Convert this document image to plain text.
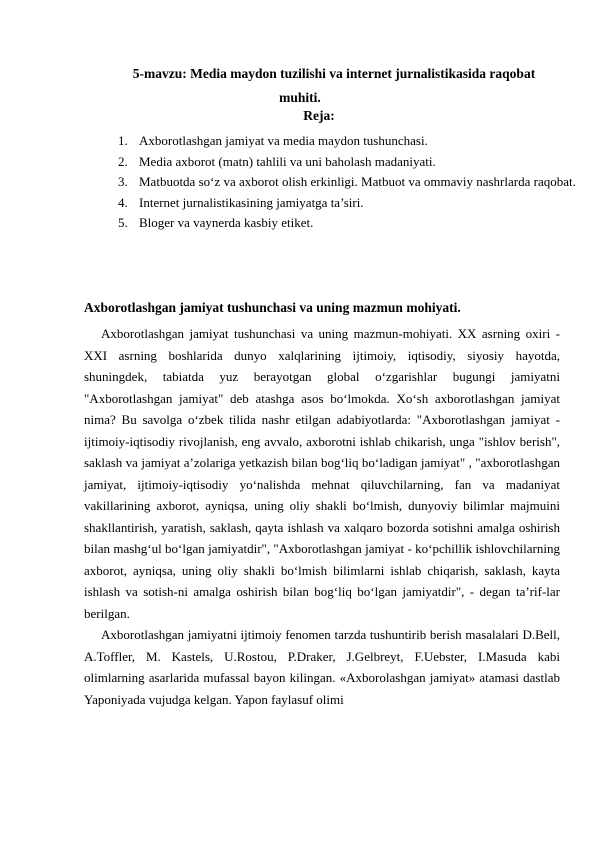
5-mavzu: Media maydon tuzilishi va internet jurnalistikasida raqobat
muhiti.
Reja:
1. Axborotlashgan jamiyat va media maydon tushunchasi.
2. Media axborot (matn) tahlili va uni baholash madaniyati.
3. Matbuotda so‘z va axborot olish erkinligi. Matbuot va ommaviy nashrlarda raqobat.
4. Internet jurnalistikasining jamiyatga ta’siri.
5. Bloger va vaynerda kasbiy etiket.
Axborotlashgan jamiyat tushunchasi va uning mazmun mohiyati.

Axborotlashgan jamiyat tushunchasi va uning mazmun-mohiyati. XX asrning oxiri - XXI asrning boshlarida dunyo xalqlarining ijtimoiy, iqtisodiy, siyosiy hayotda, shuningdek, tabiatda yuz berayotgan global o‘zgarishlar bugungi jamiyatni "Axborotlashgan jamiyat" deb atashga asos bo‘lmokda. Xo‘sh axborotlashgan jamiyat nima? Bu savolga o‘zbek tilida nashr etilgan adabiyotlarda: "Axborotlashgan jamiyat - ijtimoiy-iqtisodiy rivojlanish, eng avvalo, axborotni ishlab chikarish, unga "ishlov berish", saklash va jamiyat a’zolariga yetkazish bilan bog‘liq bo‘ladigan jamiyat" , "axborotlashgan jamiyat, ijtimoiy-iqtisodiy yo‘nalishda mehnat qiluvchilarning, fan va madaniyat vakillarining axborot, ayniqsa, uning oliy shakli bo‘lmish, dunyoviy bilimlar majmuini shakllantirish, yaratish, saklash, qayta ishlash va xalqaro bozorda sotishni amalga oshirish bilan mashg‘ul bo‘lgan jamiyatdir", "Axborotlashgan jamiyat - ko‘pchillik ishlovchilarning axborot, ayniqsa, uning oliy shakli bo‘lmish bilimlarni ishlab chiqarish, saklash, kayta ishlash va sotish-ni amalga oshirish bilan bog‘liq bo‘lgan jamiyatdir", - degan ta’rif-lar berilgan.

Axborotlashgan jamiyatni ijtimoiy fenomen tarzda tushuntirib berish masalalari D.Bell, A.Toffler, M. Kastels, U.Rostou, P.Draker, J.Gelbreyt, F.Uebster, I.Masuda kabi olimlarning asarlarida mufassal bayon kilingan. «Axborolashgan jamiyat» atamasi dastlab Yaponiyada vujudga kelgan. Yapon faylasuf olimi
